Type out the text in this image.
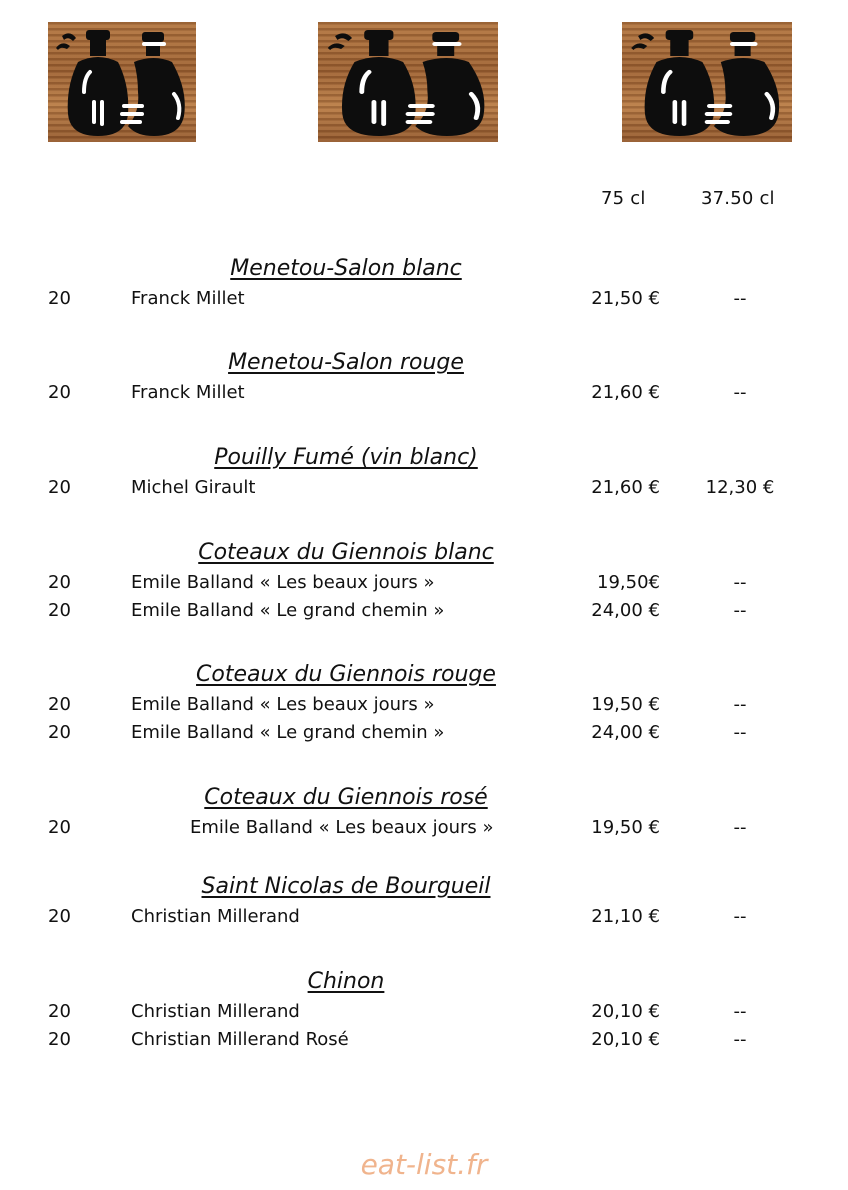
75 cl	37.50 cl
Menetou-Salon blanc
20	Franck Millet	21,50 €	--
Menetou-Salon rouge
20	Franck Millet	21,60 €	--
Pouilly Fumé (vin blanc)
20	Michel Girault	21,60 €	12,30 €
Coteaux du Giennois blanc
20	Emile Balland « Les beaux jours »	19,50€	--
20	Emile Balland « Le grand chemin »	24,00 €	--
Coteaux du Giennois rouge
20	Emile Balland « Les beaux jours »	19,50 €	--
20	Emile Balland « Le grand chemin »	24,00 €	--
Coteaux du Giennois rosé
20	Emile Balland « Les beaux jours »	19,50 €	--
Saint Nicolas de Bourgueil
20	Christian Millerand	21,10 €	--
Chinon
20	Christian Millerand	20,10 €	--
20	Christian Millerand Rosé	20,10 €	--
eat-list.fr
